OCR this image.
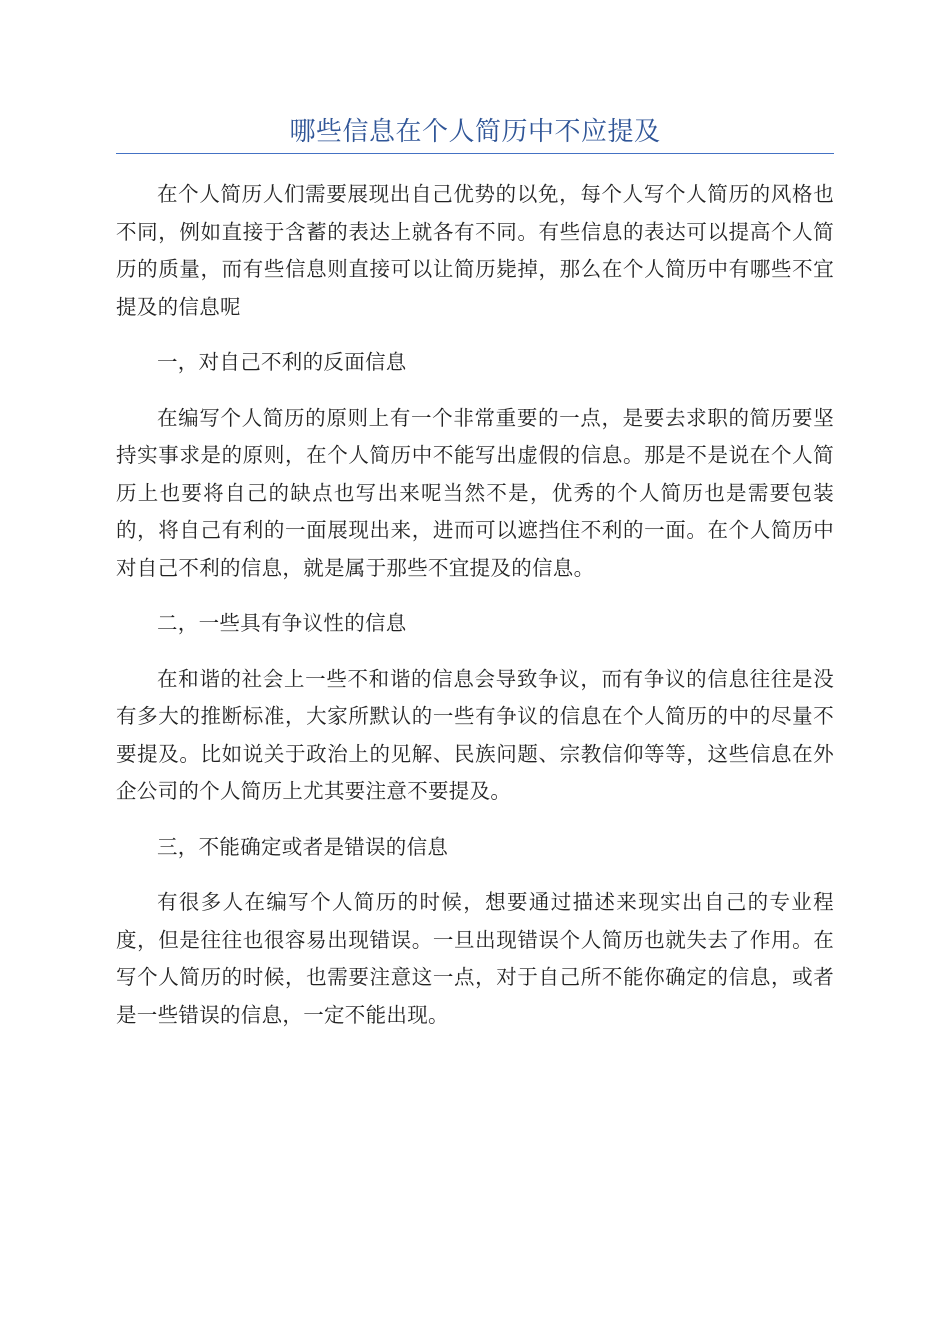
哪些信息在个人简历中不应提及

在个人简历人们需要展现出自己优势的以免，每个人写个人简历的风格也不同，例如直接于含蓄的表达上就各有不同。有些信息的表达可以提高个人简历的质量，而有些信息则直接可以让简历毙掉，那么在个人简历中有哪些不宜提及的信息呢

一，对自己不利的反面信息

在编写个人简历的原则上有一个非常重要的一点，是要去求职的简历要坚持实事求是的原则，在个人简历中不能写出虚假的信息。那是不是说在个人简历上也要将自己的缺点也写出来呢当然不是，优秀的个人简历也是需要包装的，将自己有利的一面展现出来，进而可以遮挡住不利的一面。在个人简历中对自己不利的信息，就是属于那些不宜提及的信息。

二，一些具有争议性的信息

在和谐的社会上一些不和谐的信息会导致争议，而有争议的信息往往是没有多大的推断标准，大家所默认的一些有争议的信息在个人简历的中的尽量不要提及。比如说关于政治上的见解、民族问题、宗教信仰等等，这些信息在外企公司的个人简历上尤其要注意不要提及。

三，不能确定或者是错误的信息

有很多人在编写个人简历的时候，想要通过描述来现实出自己的专业程度，但是往往也很容易出现错误。一旦出现错误个人简历也就失去了作用。在写个人简历的时候，也需要注意这一点，对于自己所不能你确定的信息，或者是一些错误的信息，一定不能出现。
